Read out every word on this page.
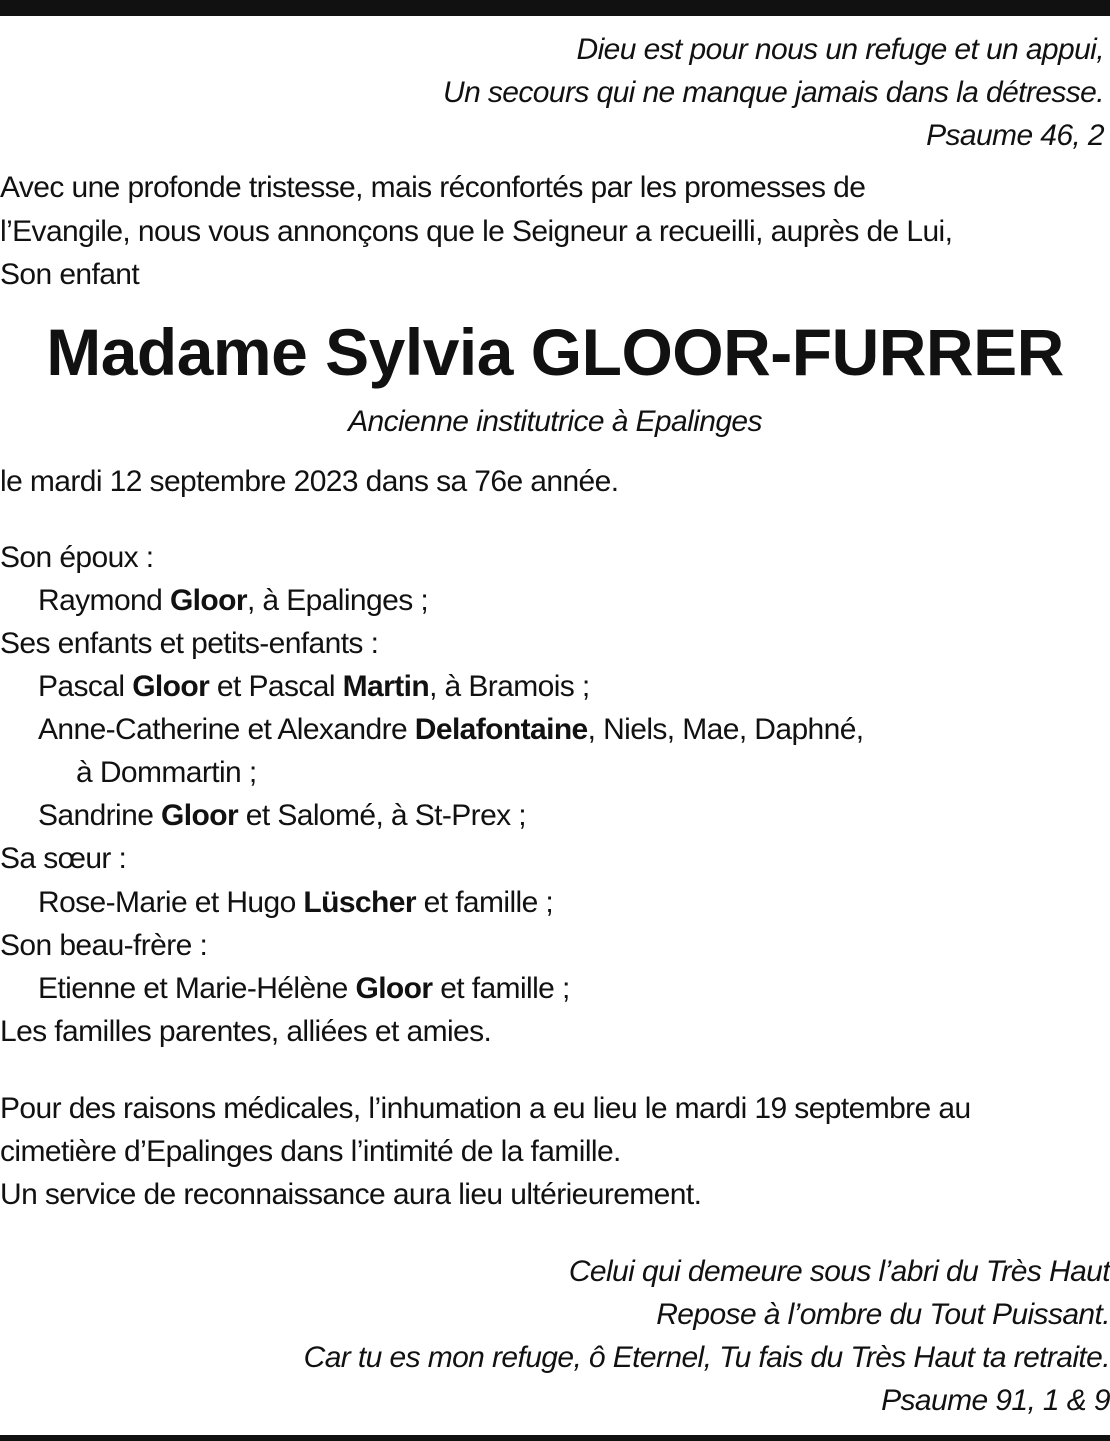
Dieu est pour nous un refuge et un appui,
Un secours qui ne manque jamais dans la détresse.
Psaume 46, 2
Avec une profonde tristesse, mais réconfortés par les promesses de
l’Evangile, nous vous annonçons que le Seigneur a recueilli, auprès de Lui,
Son enfant
Madame Sylvia GLOOR-FURRER
Ancienne institutrice à Epalinges
le mardi 12 septembre 2023 dans sa 76e année.
Son époux :
Raymond Gloor, à Epalinges ;
Ses enfants et petits-enfants :
Pascal Gloor et Pascal Martin, à Bramois ;
Anne-Catherine et Alexandre Delafontaine, Niels, Mae, Daphné,
à Dommartin ;
Sandrine Gloor et Salomé, à St-Prex ;
Sa sœur :
Rose-Marie et Hugo Lüscher et famille ;
Son beau-frère :
Etienne et Marie-Hélène Gloor et famille ;
Les familles parentes, alliées et amies.
Pour des raisons médicales, l’inhumation a eu lieu le mardi 19 septembre au
cimetière d’Epalinges dans l’intimité de la famille.
Un service de reconnaissance aura lieu ultérieurement.
Celui qui demeure sous l’abri du Très Haut
Repose à l’ombre du Tout Puissant.
Car tu es mon refuge, ô Eternel, Tu fais du Très Haut ta retraite.
Psaume 91, 1 & 9
